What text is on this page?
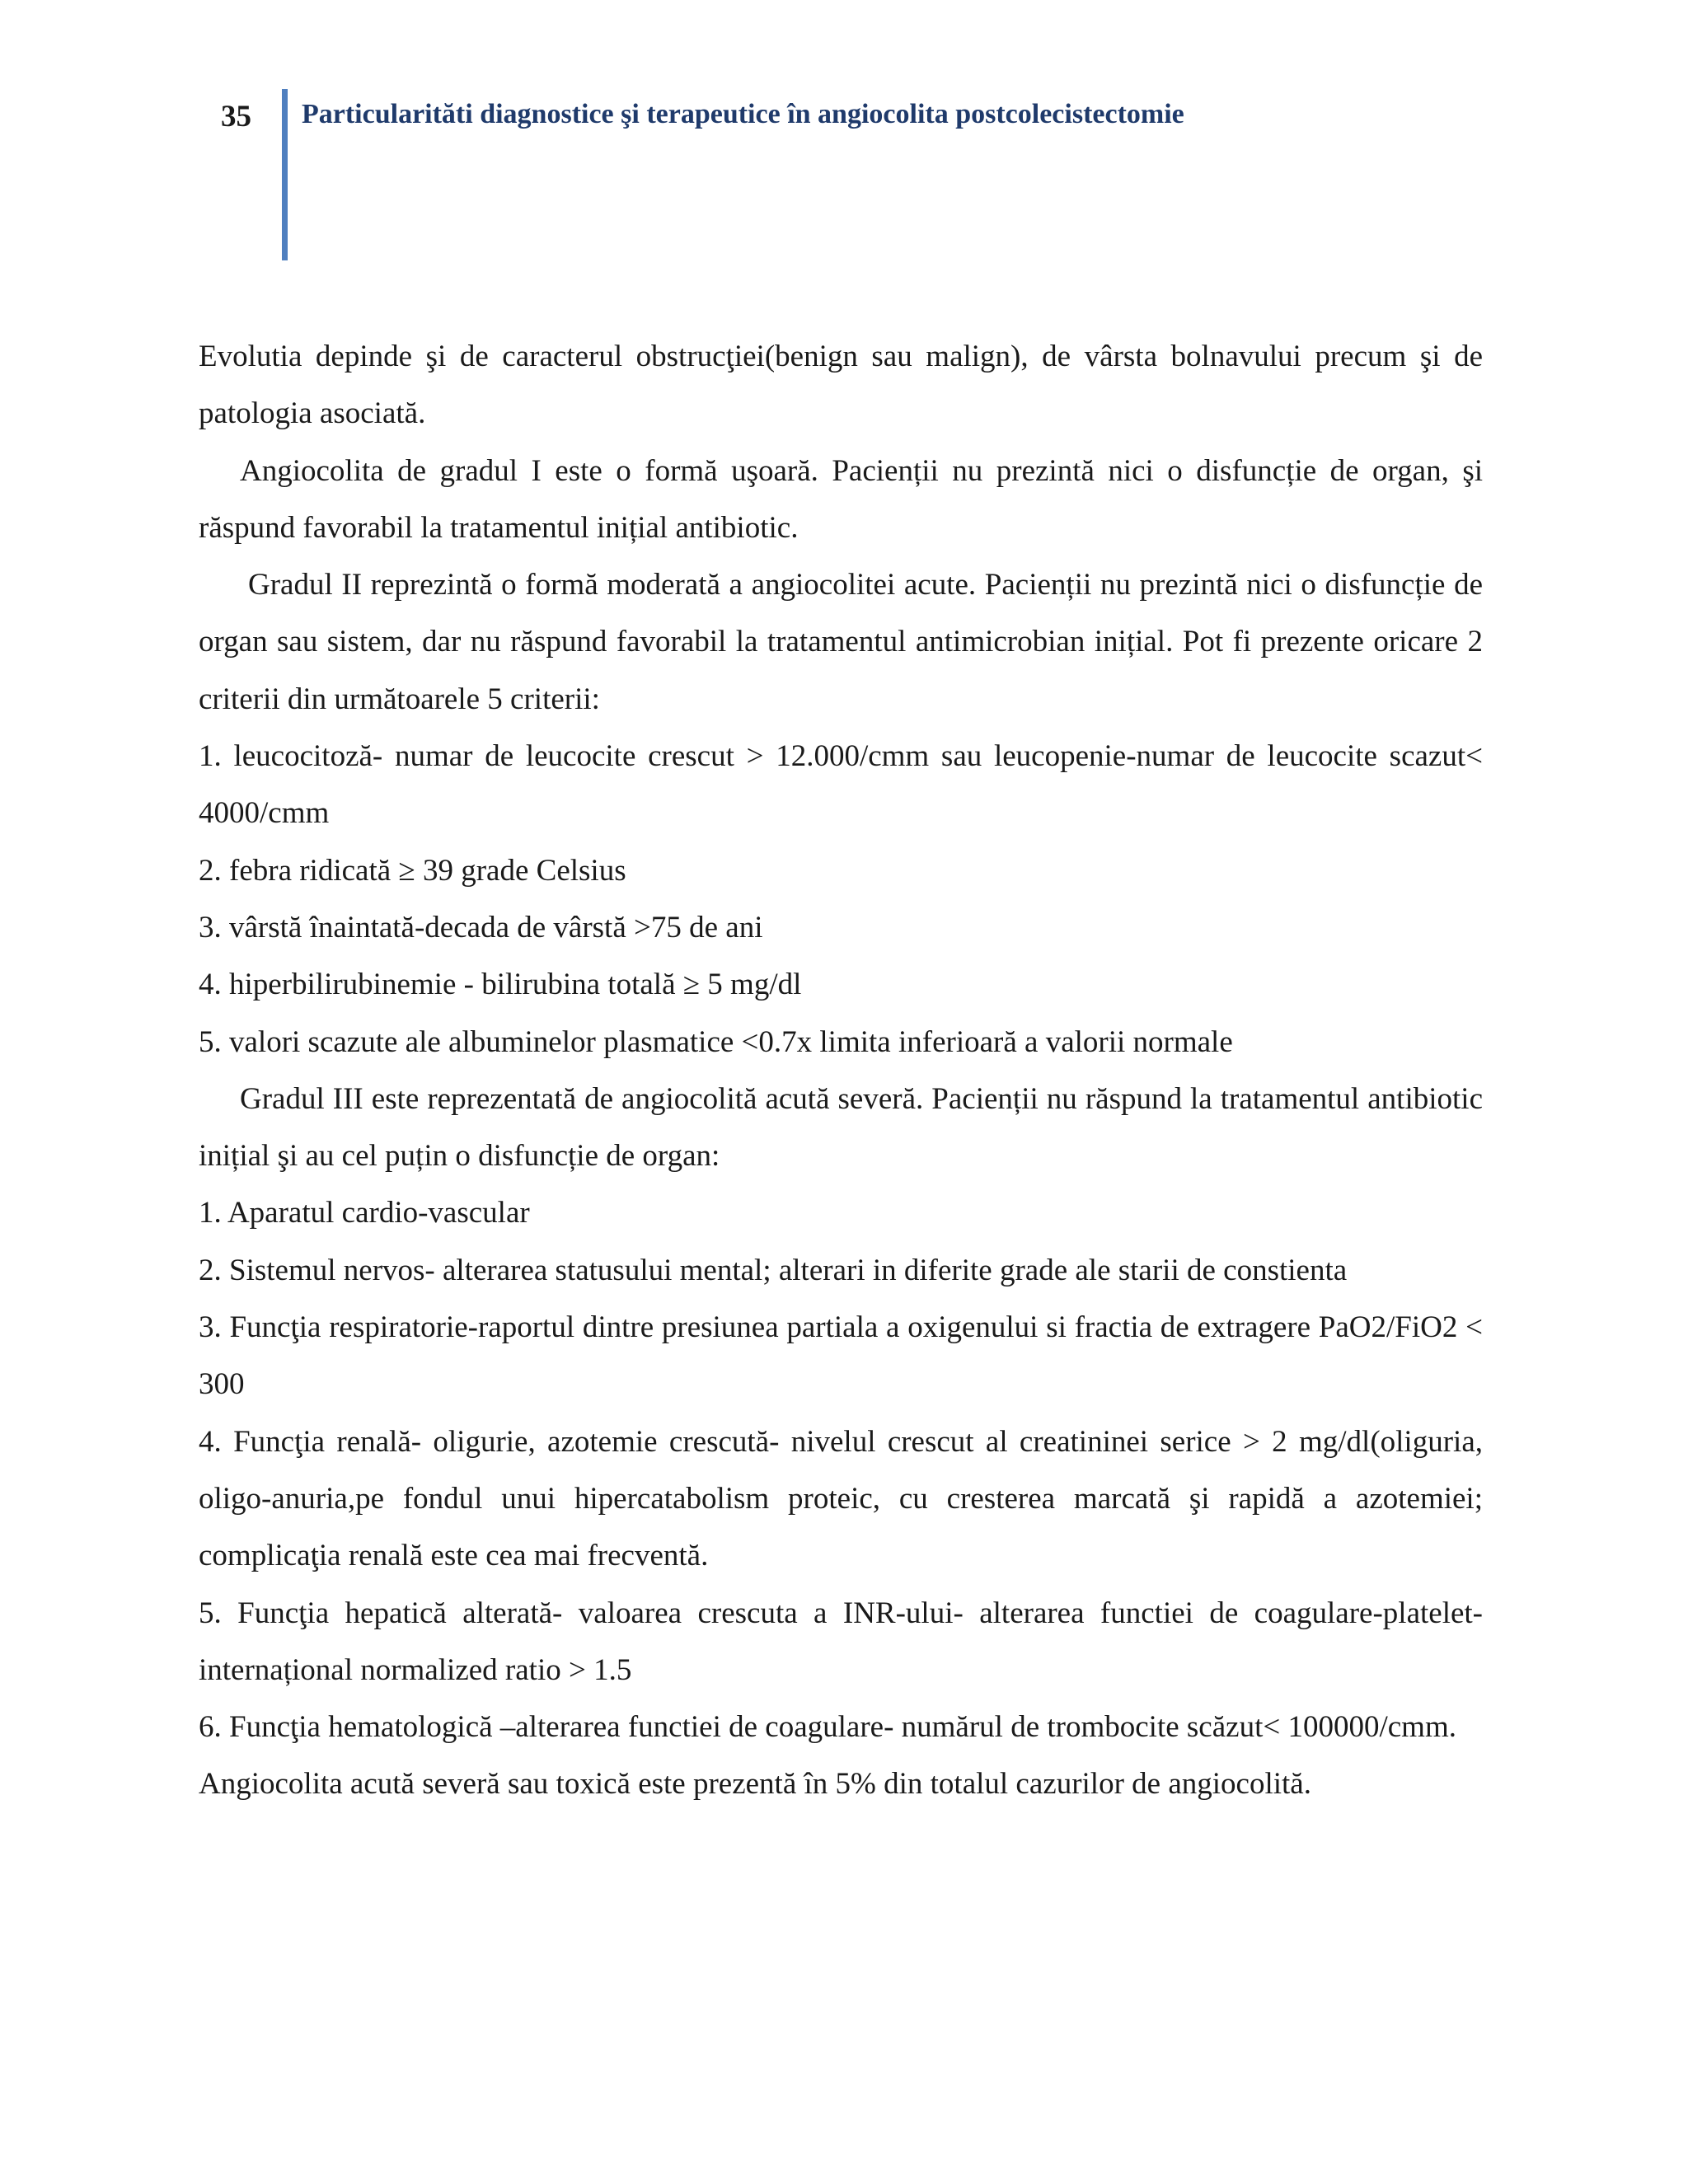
35 Particularităti diagnostice şi terapeutice în angiocolita postcolecistectomie

Evolutia depinde şi de caracterul obstrucţiei(benign sau malign), de vârsta bolnavului precum şi de patologia asociată.

Angiocolita de gradul I este o formă uşoară. Pacienții nu prezintă nici o disfuncție de organ, şi răspund favorabil la tratamentul inițial antibiotic.

Gradul II reprezintă o formă moderată a angiocolitei acute. Pacienții nu prezintă nici o disfuncție de organ sau sistem, dar nu răspund favorabil la tratamentul antimicrobian inițial. Pot fi prezente oricare 2 criterii din următoarele 5 criterii:

1. leucocitoză- numar de leucocite crescut > 12.000/cmm sau leucopenie-numar de leucocite scazut< 4000/cmm

2. febra ridicată ≥ 39 grade Celsius

3. vârstă înaintată-decada de vârstă >75 de ani

4. hiperbilirubinemie - bilirubina totală ≥ 5 mg/dl

5. valori scazute ale albuminelor plasmatice <0.7x limita inferioară a valorii normale

Gradul III este reprezentată de angiocolită acută severă. Pacienții nu răspund la tratamentul antibiotic inițial şi au cel puțin o disfuncție de organ:

1. Aparatul cardio-vascular

2. Sistemul nervos- alterarea statusului mental; alterari in diferite grade ale starii de constienta

3. Funcţia respiratorie-raportul dintre presiunea partiala a oxigenului si fractia de extragere PaO2/FiO2 < 300

4. Funcţia renală- oligurie, azotemie crescută- nivelul crescut al creatininei serice > 2 mg/dl(oliguria, oligo-anuria,pe fondul unui hipercatabolism proteic, cu cresterea marcată şi rapidă a azotemiei; complicaţia renală este cea mai frecventă.

5. Funcţia hepatică alterată- valoarea crescuta a INR-ului- alterarea functiei de coagulare-platelet-internațional normalized ratio > 1.5

6. Funcţia hematologică –alterarea functiei de coagulare- numărul de trombocite scăzut< 100000/cmm.

Angiocolita acută severă sau toxică este prezentă în 5% din totalul cazurilor de angiocolită.
